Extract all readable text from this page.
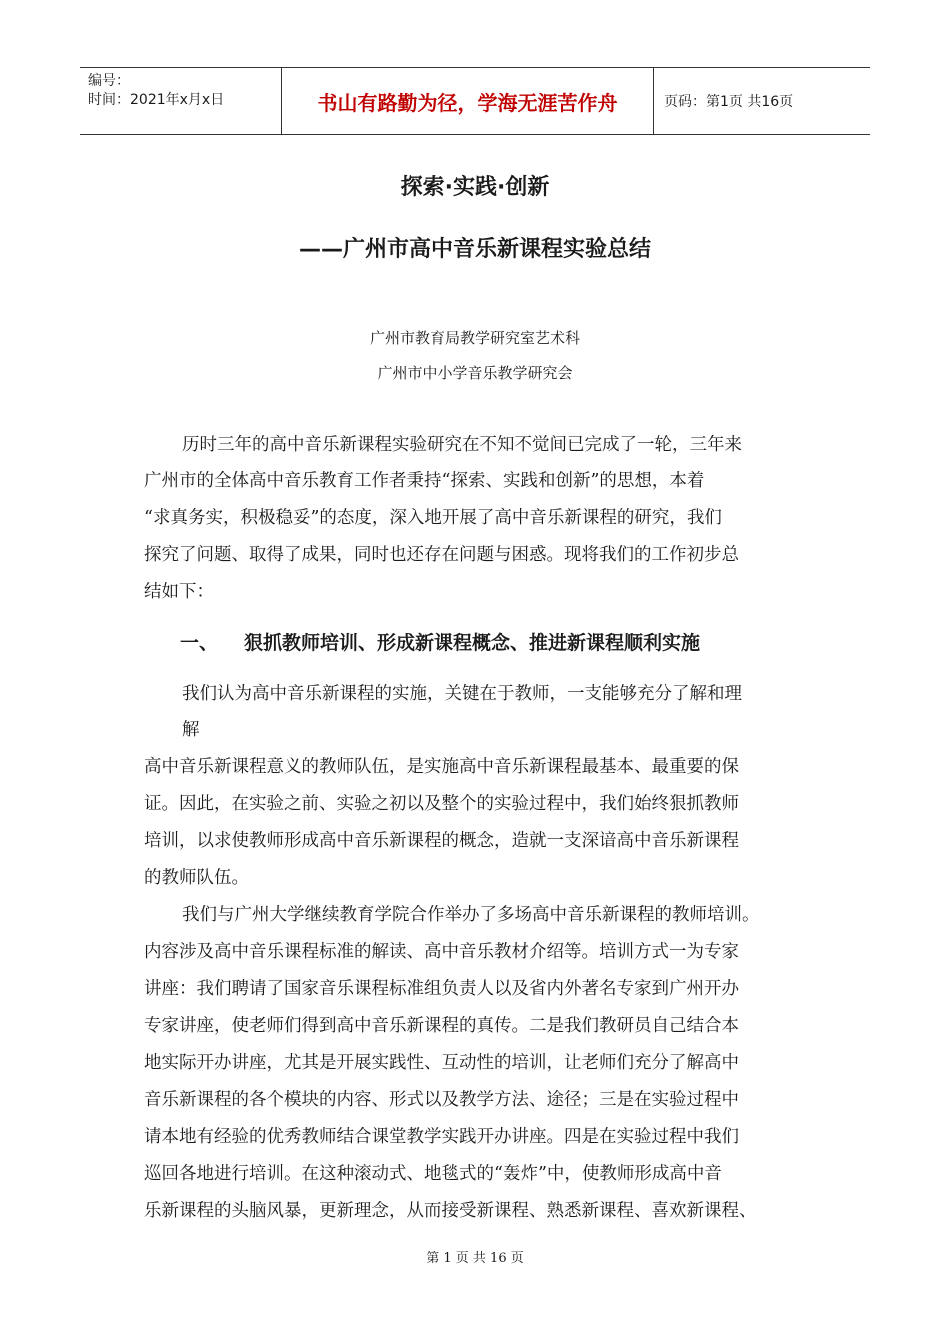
编号：
时间：2021年x月x日	书山有路勤为径，学海无涯苦作舟	页码：第1页 共16页
探索·实践·创新
——广州市高中音乐新课程实验总结
广州市教育局教学研究室艺术科
广州市中小学音乐教学研究会
历时三年的高中音乐新课程实验研究在不知不觉间已完成了一轮，三年来
广州市的全体高中音乐教育工作者秉持“探索、实践和创新”的思想，本着
“求真务实，积极稳妥”的态度，深入地开展了高中音乐新课程的研究，我们
探究了问题、取得了成果，同时也还存在问题与困惑。现将我们的工作初步总
结如下：
一、 狠抓教师培训、形成新课程概念、推进新课程顺利实施
我们认为高中音乐新课程的实施，关键在于教师，一支能够充分了解和理
解
高中音乐新课程意义的教师队伍，是实施高中音乐新课程最基本、最重要的保
证。因此，在实验之前、实验之初以及整个的实验过程中，我们始终狠抓教师
培训，以求使教师形成高中音乐新课程的概念，造就一支深谙高中音乐新课程
的教师队伍。
我们与广州大学继续教育学院合作举办了多场高中音乐新课程的教师培训。
内容涉及高中音乐课程标准的解读、高中音乐教材介绍等。培训方式一为专家
讲座：我们聘请了国家音乐课程标准组负责人以及省内外著名专家到广州开办
专家讲座，使老师们得到高中音乐新课程的真传。二是我们教研员自己结合本
地实际开办讲座，尤其是开展实践性、互动性的培训，让老师们充分了解高中
音乐新课程的各个模块的内容、形式以及教学方法、途径；三是在实验过程中
请本地有经验的优秀教师结合课堂教学实践开办讲座。四是在实验过程中我们
巡回各地进行培训。在这种滚动式、地毯式的“轰炸”中，使教师形成高中音
乐新课程的头脑风暴，更新理念，从而接受新课程、熟悉新课程、喜欢新课程、
第 1 页 共 16 页
